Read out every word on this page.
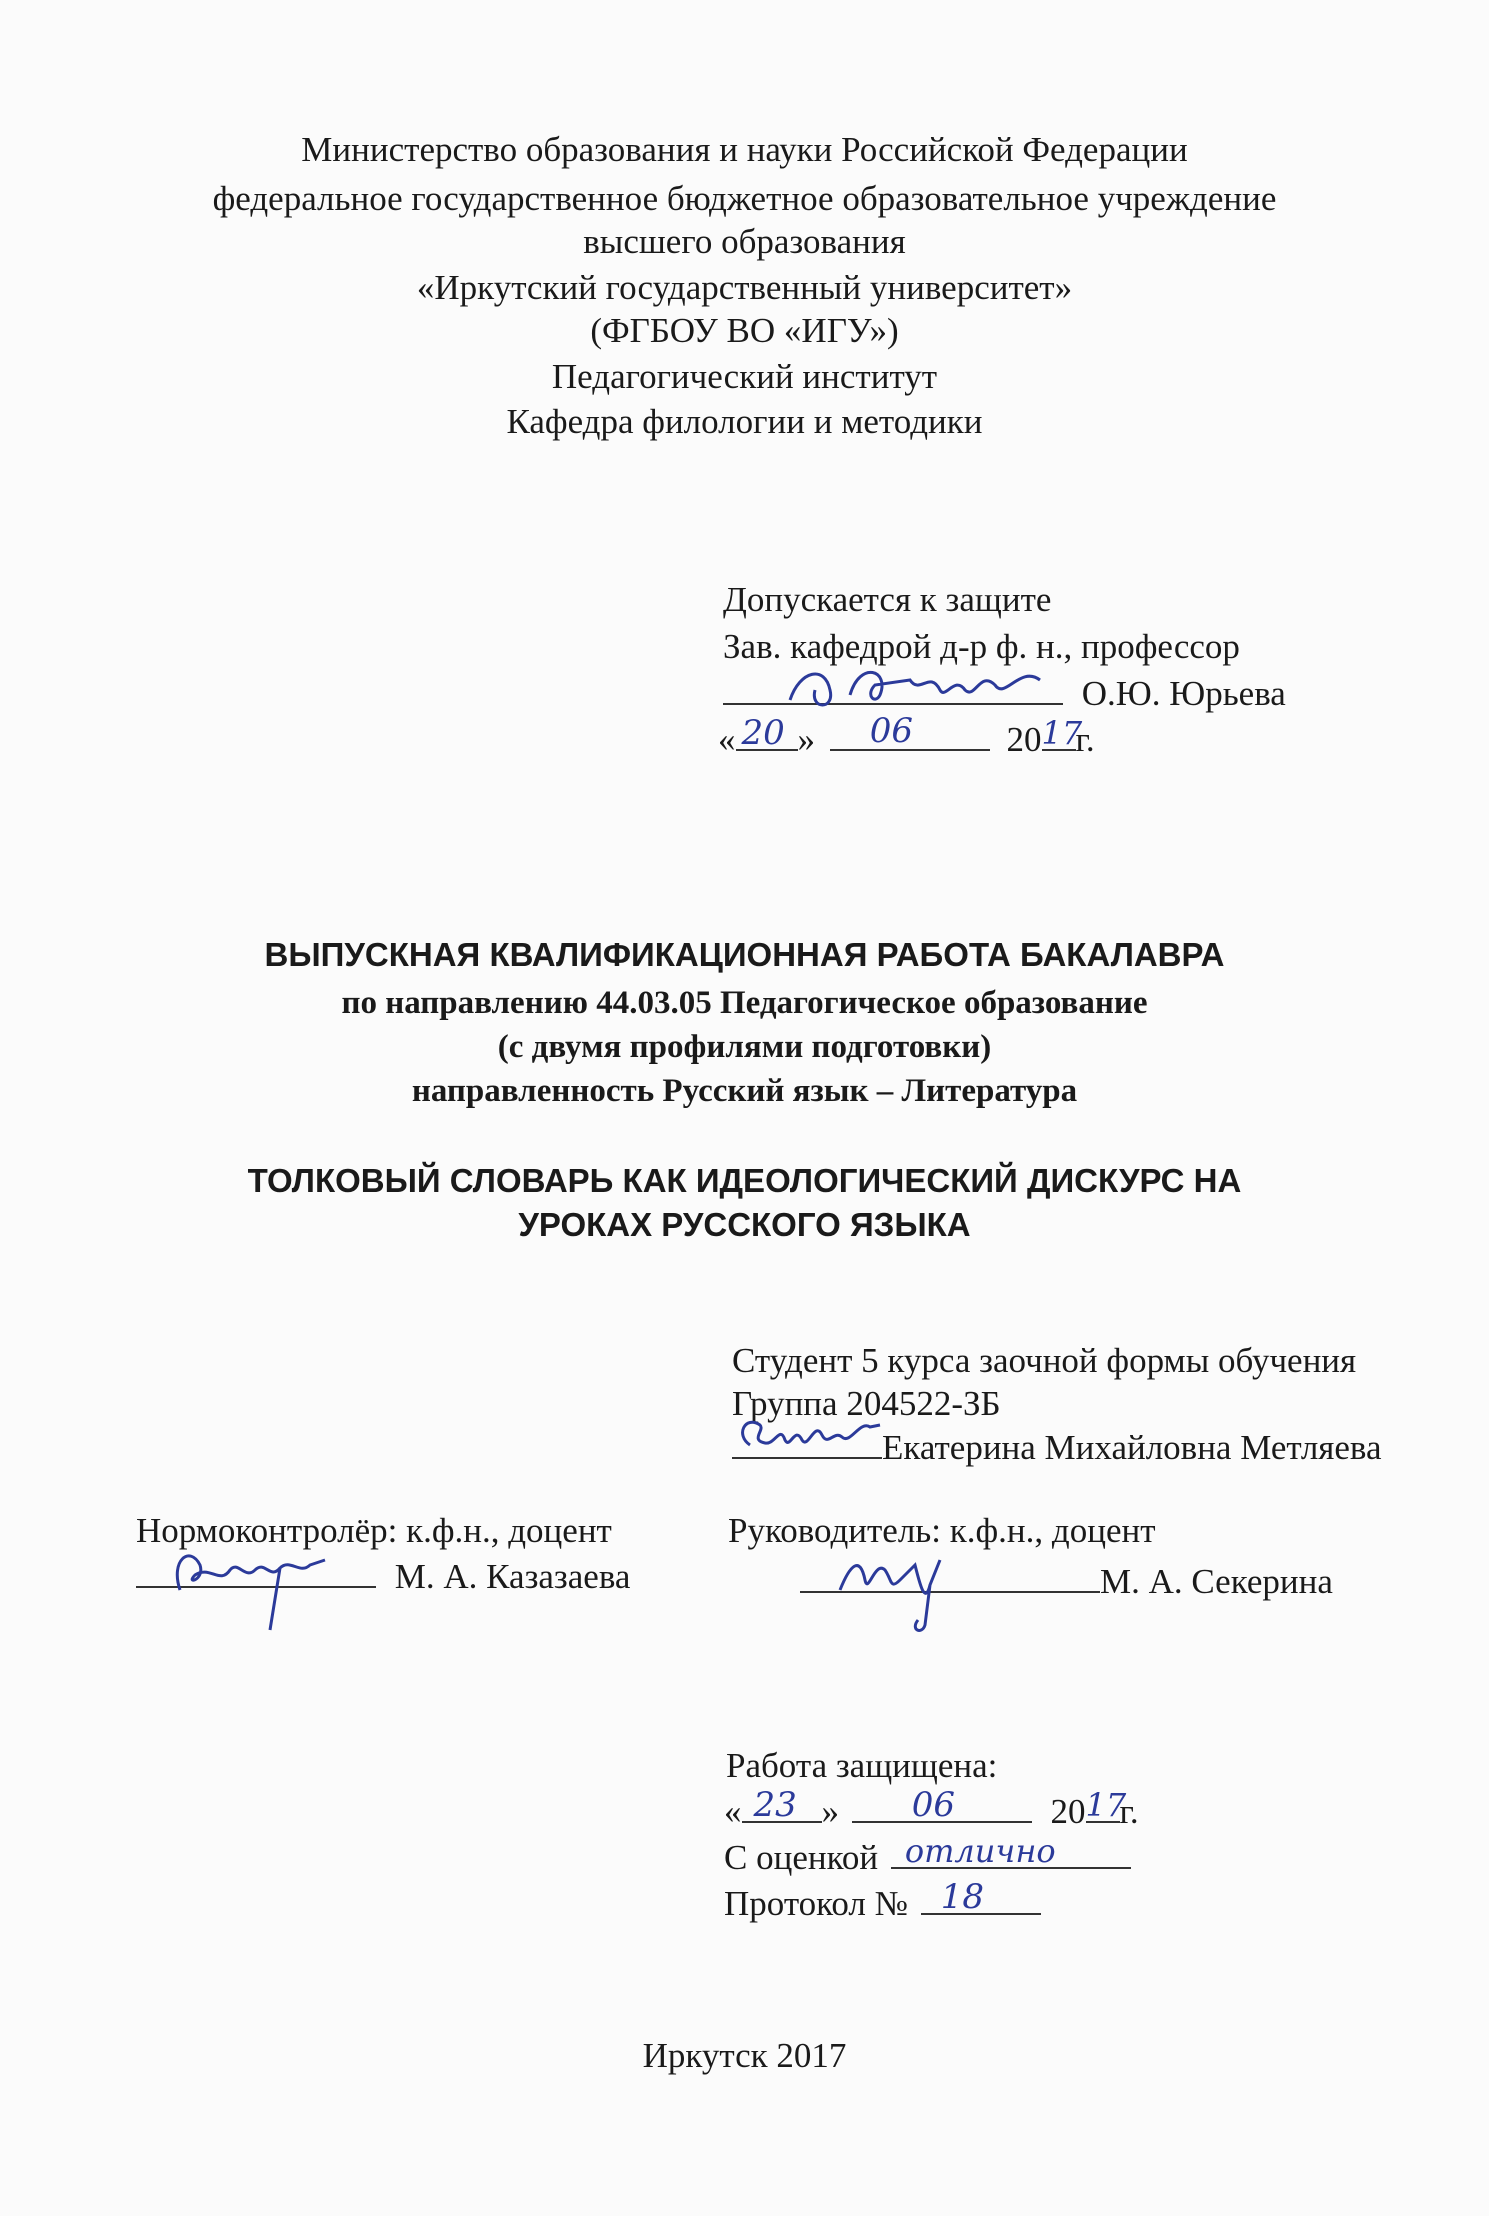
Министерство образования и науки Российской Федерации
федеральное государственное бюджетное образовательное учреждение
высшего образования
«Иркутский государственный университет»
(ФГБОУ ВО «ИГУ»)
Педагогический институт
Кафедра филологии и методики
Допускается к защите
Зав. кафедрой д-р ф. н., профессор
О.Ю. Юрьева
« 20 » 06	20 17
г.
ВЫПУСКНАЯ КВАЛИФИКАЦИОННАЯ РАБОТА БАКАЛАВРА
по направлению 44.03.05 Педагогическое образование
(с двумя профилями подготовки)
направленность Русский язык – Литература
ТОЛКОВЫЙ СЛОВАРЬ КАК ИДЕОЛОГИЧЕСКИЙ ДИСКУРС НА
УРОКАХ РУССКОГО ЯЗЫКА
Студент 5 курса заочной формы обучения
Группа 204522-ЗБ
Екатерина Михайловна Метляева
Нормоконтролёр: к.ф.н., доцент
М. А. Казазаева
Руководитель: к.ф.н., доцент
М. А. Секерина
Работа защищена:
« 23 » 06	20 17
г.
С оценкой отлично
Протокол № 18
Иркутск 2017
